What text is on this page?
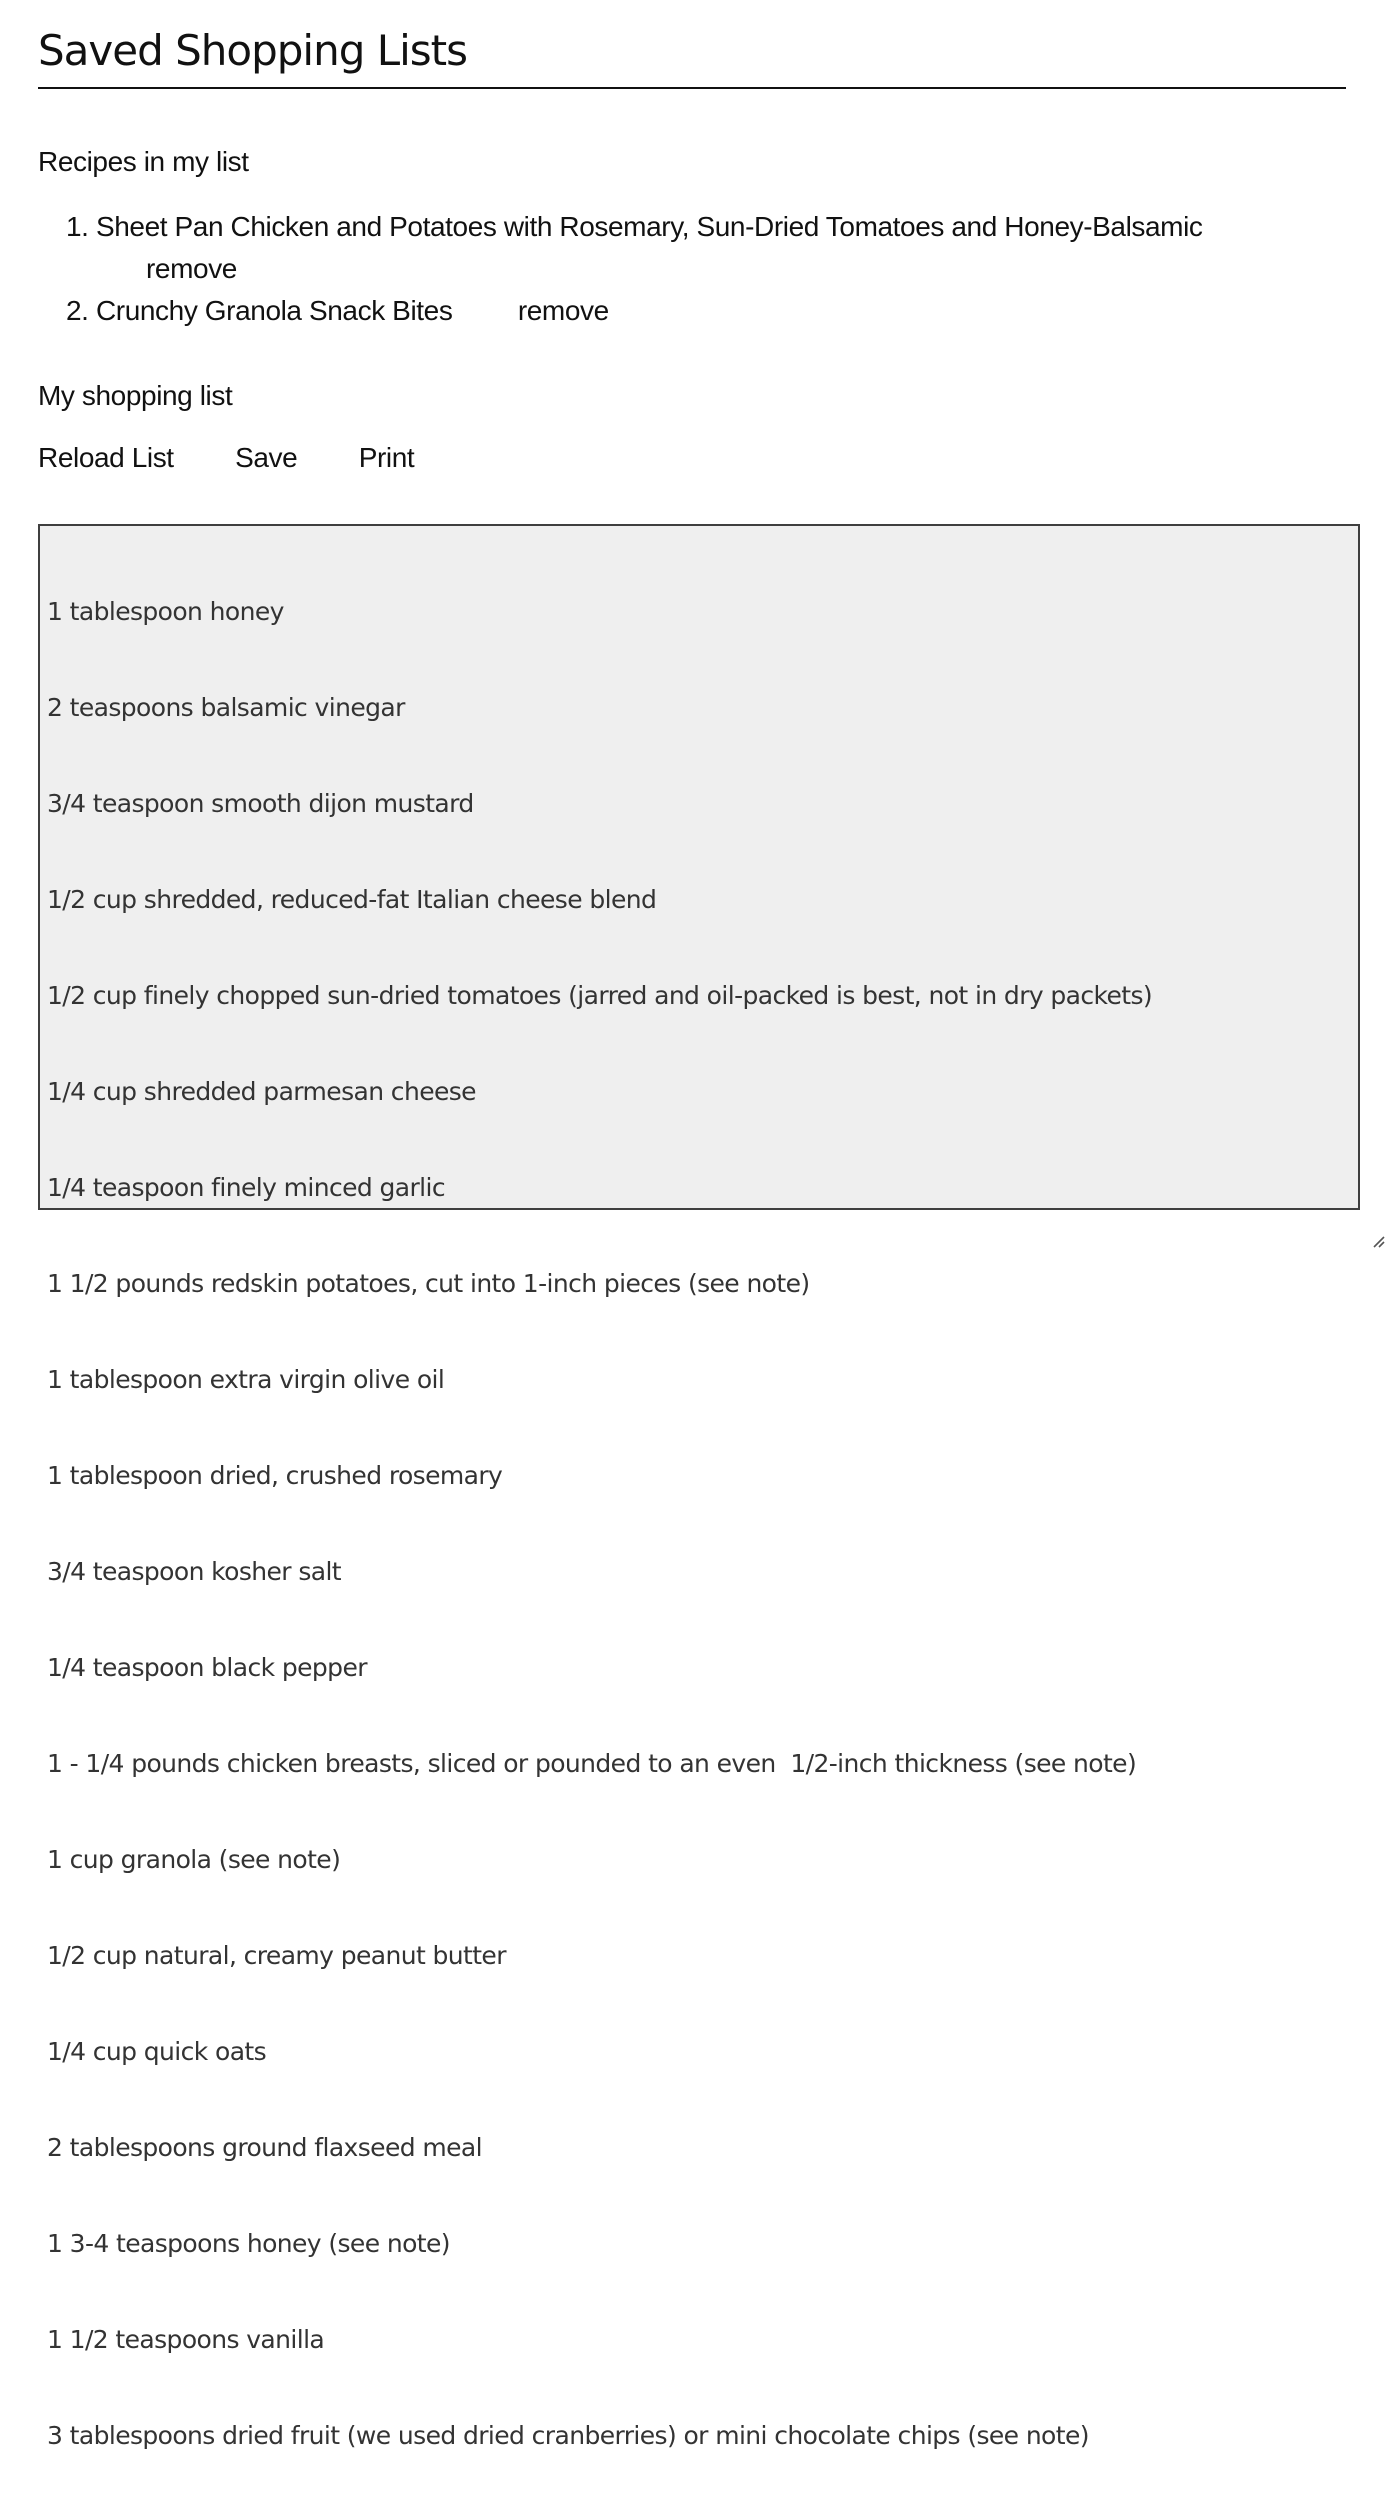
Saved Shopping Lists
Recipes in my list
1. Sheet Pan Chicken and Potatoes with Rosemary, Sun-Dried Tomatoes and Honey-Balsamic
remove
2. Crunchy Granola Snack Bites remove
My shopping list
Reload List Save Print

1 tablespoon honey

2 teaspoons balsamic vinegar

3/4 teaspoon smooth dijon mustard

1/2 cup shredded, reduced-fat Italian cheese blend

1/2 cup finely chopped sun-dried tomatoes (jarred and oil-packed is best, not in dry packets)

1/4 cup shredded parmesan cheese

1/4 teaspoon finely minced garlic

1 1/2 pounds redskin potatoes, cut into 1-inch pieces (see note)

1 tablespoon extra virgin olive oil

1 tablespoon dried, crushed rosemary

3/4 teaspoon kosher salt

1/4 teaspoon black pepper

1 - 1/4 pounds chicken breasts, sliced or pounded to an even  1/2-inch thickness (see note)

1 cup granola (see note)

1/2 cup natural, creamy peanut butter

1/4 cup quick oats

2 tablespoons ground flaxseed meal

1 3-4 teaspoons honey (see note)

1 1/2 teaspoons vanilla

3 tablespoons dried fruit (we used dried cranberries) or mini chocolate chips (see note)
